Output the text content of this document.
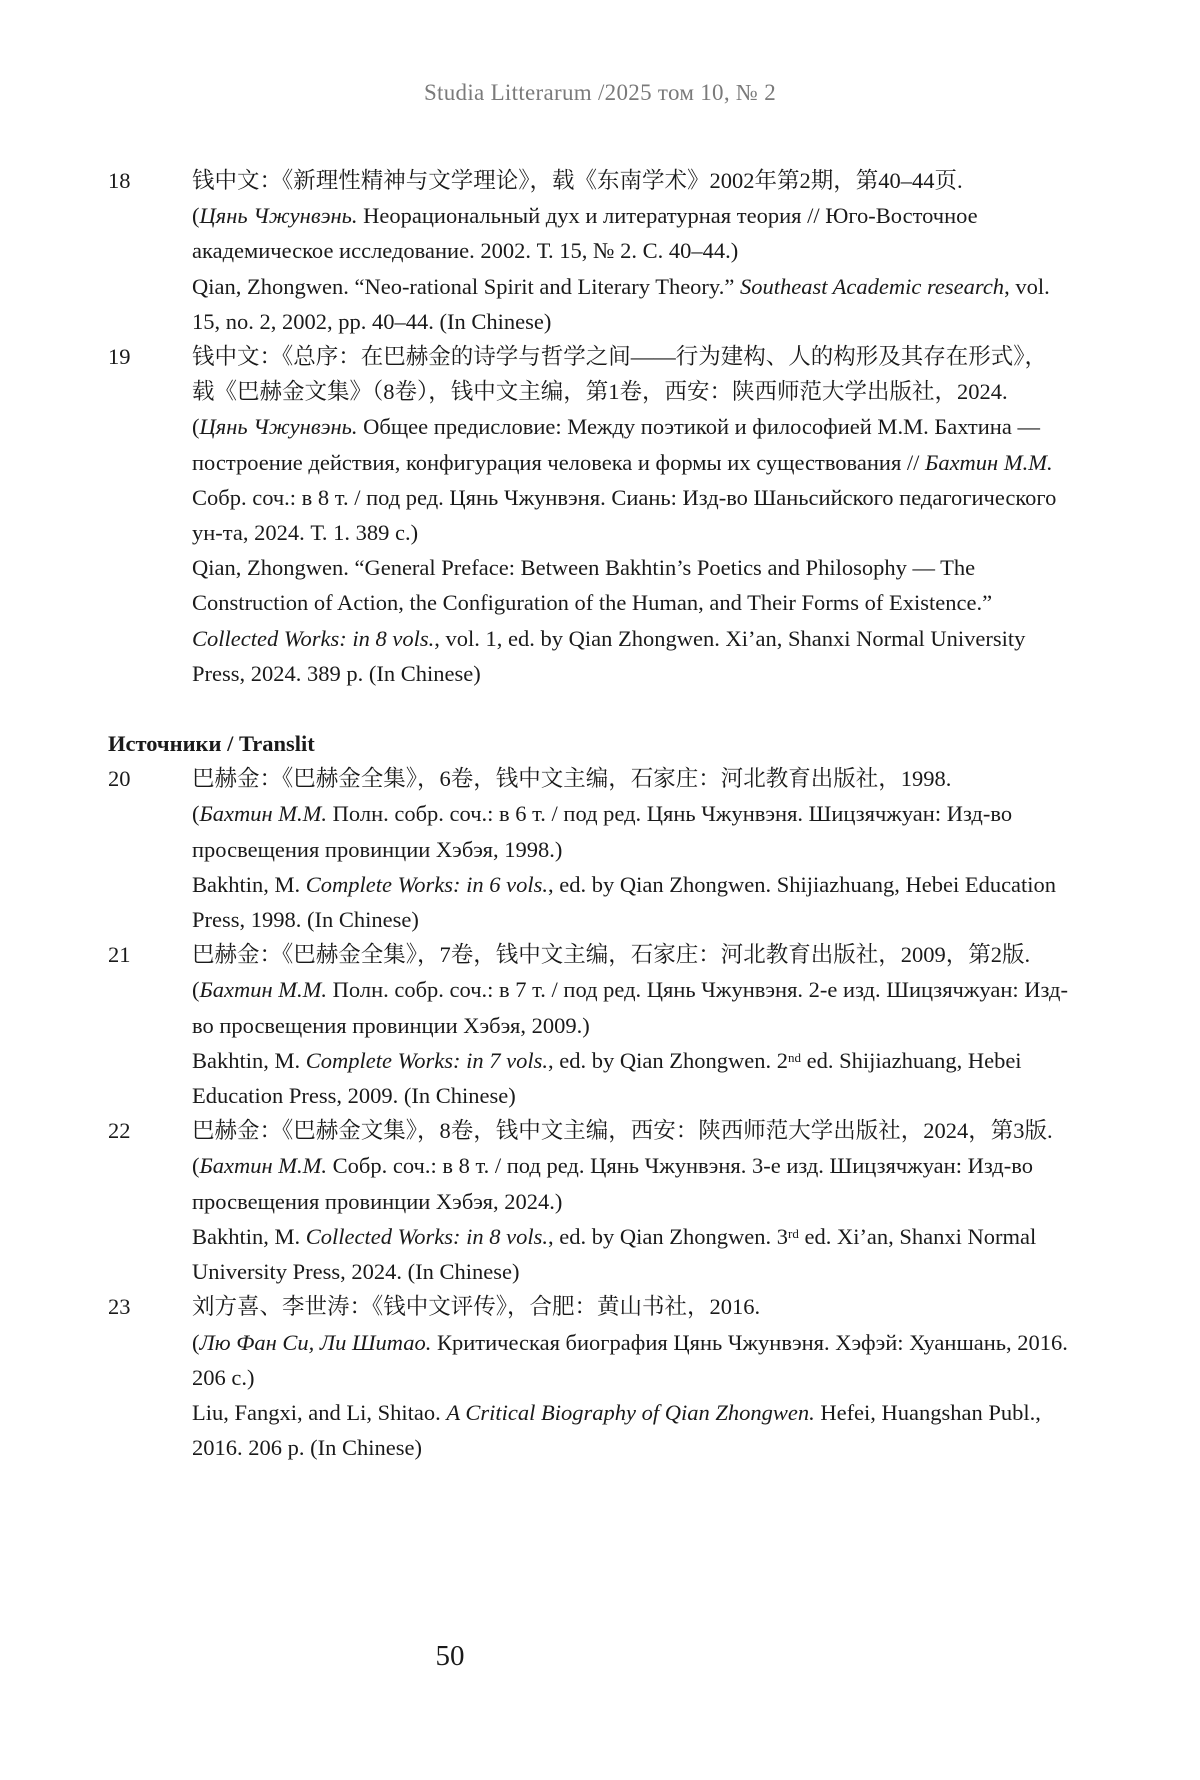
Studia Litterarum /2025 том 10, № 2
18	钱中文：《新理性精神与文学理论》，载《东南学术》2002年第2期，第40–44页.

(Цянь Чжунвэнь. Неорациональный дух и литературная теория // Юго-Восточное академическое исследование. 2002. Т. 15, № 2. С. 40–44.)

Qian, Zhongwen. “Neo-rational Spirit and Literary Theory.” Southeast Academic research, vol. 15, no. 2, 2002, pp. 40–44. (In Chinese)

19	钱中文：《总序：在巴赫金的诗学与哲学之间——行为建构、人的构形及其存在形式》，载《巴赫金文集》（8卷），钱中文主编，第1卷，西安：陕西师范大学出版社，2024.

(Цянь Чжунвэнь. Общее предисловие: Между поэтикой и философией М.М. Бахтина — построение действия, конфигурация человека и формы их существования // Бахтин М.М. Собр. соч.: в 8 т. / под ред. Цянь Чжунвэня. Сиань: Изд-во Шаньсийского педагогического ун-та, 2024. Т. 1. 389 с.)

Qian, Zhongwen. “General Preface: Between Bakhtin’s Poetics and Philosophy — The Construction of Action, the Configuration of the Human, and Their Forms of Existence.” Collected Works: in 8 vols., vol. 1, ed. by Qian Zhongwen. Xi’an, Shanxi Normal University Press, 2024. 389 p. (In Chinese)

Источники / Translit
20	巴赫金：《巴赫金全集》，6卷，钱中文主编，石家庄：河北教育出版社，1998.

(Бахтин М.М. Полн. собр. соч.: в 6 т. / под ред. Цянь Чжунвэня. Шицзячжуан: Изд-во просвещения провинции Хэбэя, 1998.)

Bakhtin, M. Complete Works: in 6 vols., ed. by Qian Zhongwen. Shijiazhuang, Hebei Education Press, 1998. (In Chinese)

21	巴赫金：《巴赫金全集》，7卷，钱中文主编，石家庄：河北教育出版社，2009，第2版.

(Бахтин М.М. Полн. собр. соч.: в 7 т. / под ред. Цянь Чжунвэня. 2-е изд. Шицзячжуан: Изд-во просвещения провинции Хэбэя, 2009.)

Bakhtin, M. Complete Works: in 7 vols., ed. by Qian Zhongwen. 2nd ed. Shijiazhuang, Hebei Education Press, 2009. (In Chinese)

22	巴赫金：《巴赫金文集》，8卷，钱中文主编，西安：陕西师范大学出版社，2024，第3版.

(Бахтин М.М. Собр. соч.: в 8 т. / под ред. Цянь Чжунвэня. 3-е изд. Шицзячжуан: Изд-во просвещения провинции Хэбэя, 2024.)

Bakhtin, M. Collected Works: in 8 vols., ed. by Qian Zhongwen. 3rd ed. Xi’an, Shanxi Normal University Press, 2024. (In Chinese)

23	刘方喜、李世涛：《钱中文评传》，合肥：黄山书社，2016.

(Лю Фан Си, Ли Шитао. Критическая биография Цянь Чжунвэня. Хэфэй: Хуаншань, 2016. 206 с.)

Liu, Fangxi, and Li, Shitao. A Critical Biography of Qian Zhongwen. Hefei, Huangshan Publ., 2016. 206 p. (In Chinese)

50
